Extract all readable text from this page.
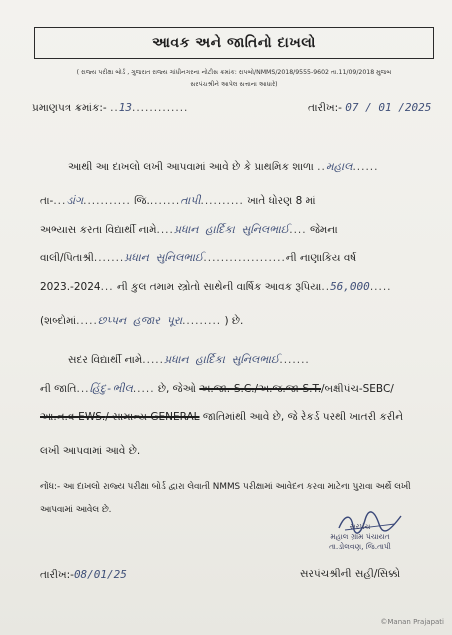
આવક અને જાતિનો દાખલો
( રાજ્ય પરીક્ષા બોર્ડ , ગુજરાત રાજ્ય ગાંધીનગરના નોટીસ ક્રમાંક: રાપબો/NMMS/2018/9555-9602 તા.11/09/2018 મુજબ
સરપંચશ્રીને આપેલ સત્તાના આધારે)
પ્રમાણપત્ર ક્રમાંક:- ..13.............	તારીખ:- 07 / 01 /2025
આથી આ દાખલો લખી આપવામાં આવે છે કે પ્રાથમિક શાળા ..મહાલ......
તા-...ડાંગ........... જિ........તાપી.......... ખાતે ધોરણ 8 માં
અભ્યાસ કરતા વિદ્યાર્થી નામે....પ્રધાન હાર્દિકા સુનિલભાઈ.... જેમના
વાલી/પિતાશ્રી.......પ્રધાન સુનિલભાઈ...................ની નાણાકિય વર્ષ
2023.-2024... ની કુલ તમામ સ્ત્રોતો સાથેની વાર્ષિક આવક રૂપિયા..56,000.....
(શબ્દોમાં.....છપ્પન હજાર પૂરા......... ) છે.
સદર વિદ્યાર્થી નામે.....પ્રધાન હાર્દિકા સુનિલભાઈ.......
ની જાતિ...હિંદુ-ભીલ..... છે, જેઓ અ.જા.-S.C./અ.જ.જા-S.T./બક્ષીપંચ-SEBC/
આ.ન.વ-EWS./ સામાન્ય GENERAL જાતિમાંથી આવે છે, જે રેકર્ડ પરથી ખાતરી કરીને
લખી આપવામાં આવે છે.
નોંધ:- આ દાખલો રાજ્ય પરીક્ષા બોર્ડ દ્વારા લેવાતી NMMS પરીક્ષામાં આવેદન કરવા માટેના પુરાવા અર્થે લખી
આપવામાં આવેલ છે.
સરપંચ
મહાલ ગ્રામ પંચાયત
તા.ડોલવણ, જિ.તાપી
તારીખ:-08/01/25	સરપંચશ્રીની સહી/સિક્કો
©Manan Prajapati
